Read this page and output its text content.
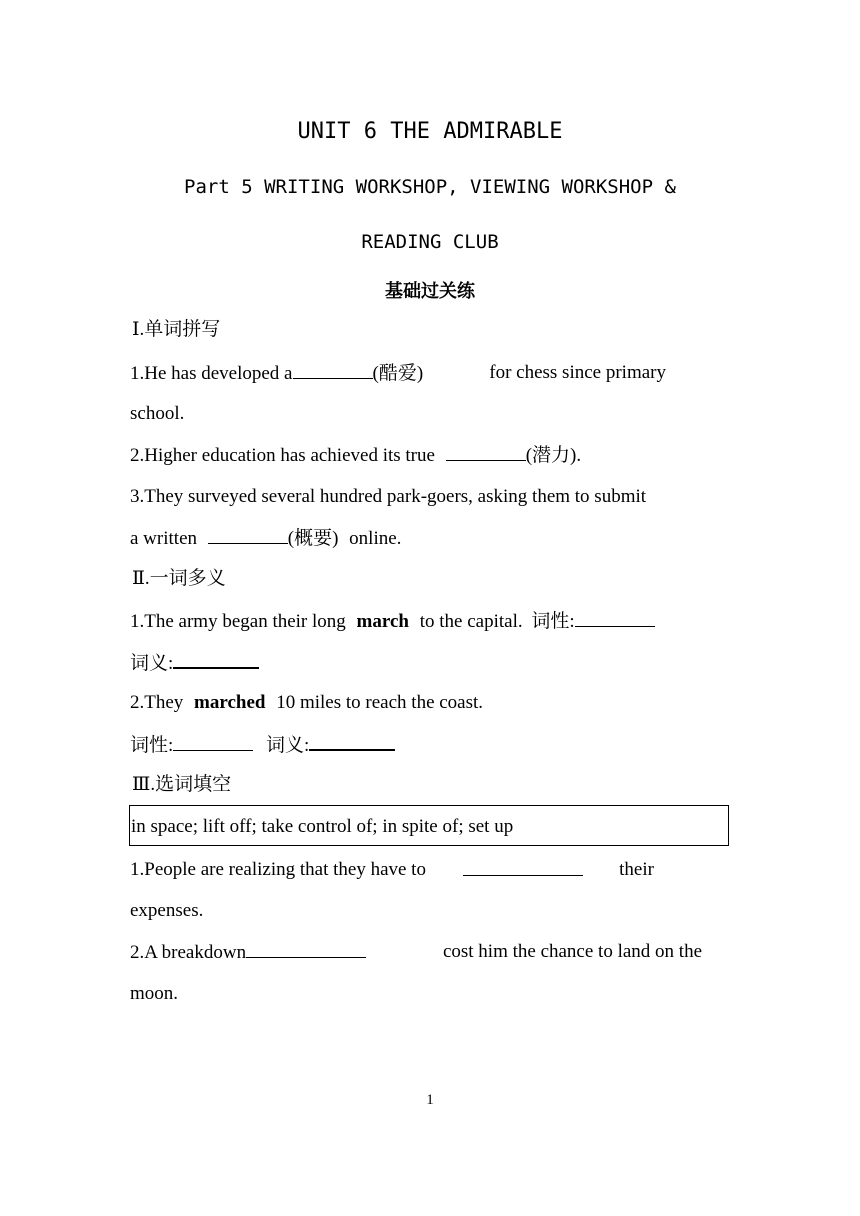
UNIT 6 THE ADMIRABLE
Part 5 WRITING WORKSHOP, VIEWING WORKSHOP &
READING CLUB
基础过关练
Ⅰ.单词拼写
1.He has developed a	(酷爱)	for chess since primary
school.
2.Higher education has achieved its true	(潜力).
3.They surveyed several hundred park-goers, asking them to submit
a written	(概要) online.
Ⅱ.一词多义
1.The army began their long march to the capital. 词性:
词义:
2.They marched 10 miles to reach the coast.
词性:	词义:
Ⅲ.选词填空
in space; lift off; take control of; in spite of; set up
1.People are realizing that they have to	their
expenses.
2.A breakdown	cost him the chance to land on the
moon.
1
